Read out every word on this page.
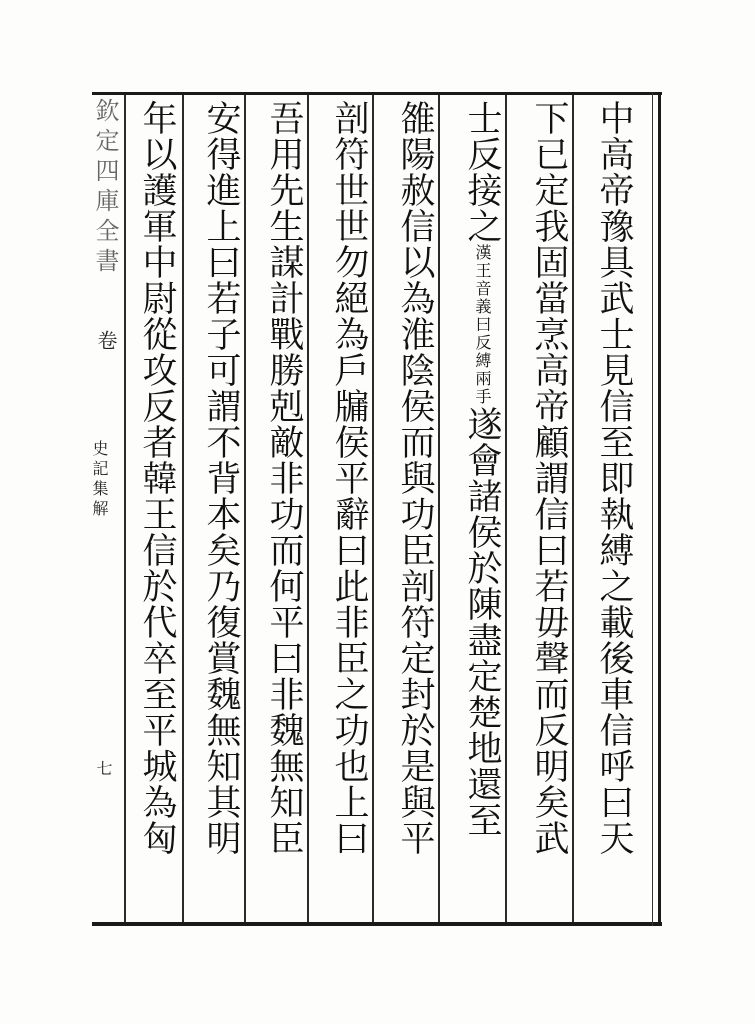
中高帝豫具武士見信至即執縛之載後車信呼曰天
下已定我固當烹高帝顧謂信曰若毋聲而反明矣武
士反接之漢王音義曰反縛兩手遂會諸侯於陳盡定楚地還至
雒陽赦信以為淮陰侯而與功臣剖符定封於是與平
剖符世世勿絕為戶牖侯平辭曰此非臣之功也上曰
吾用先生謀計戰勝剋敵非功而何平曰非魏無知臣
安得進上曰若子可謂不背本矣乃復賞魏無知其明
年以護軍中尉從攻反者韓王信於代卒至平城為匈
欽定四庫全書
卷
史記集解
七
